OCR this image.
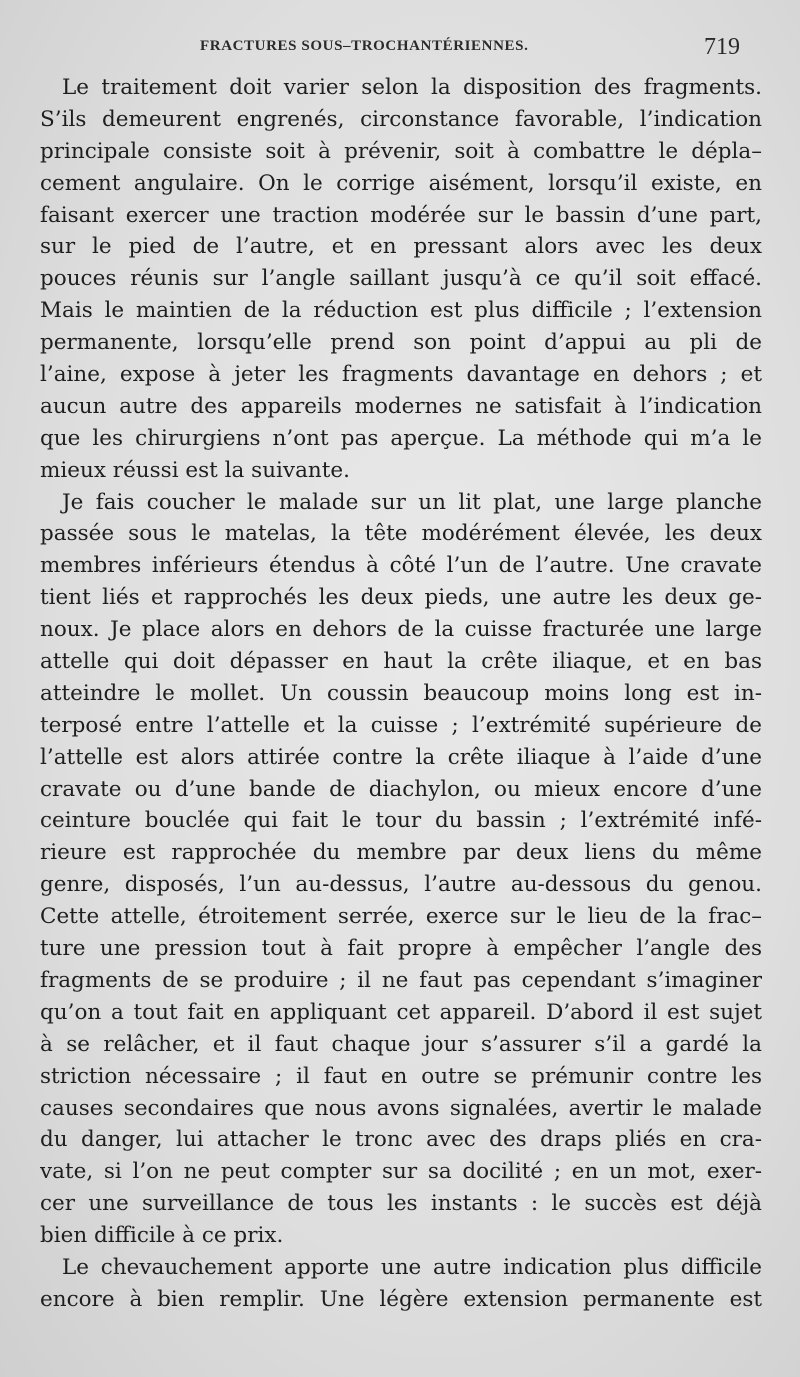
FRACTURES SOUS–TROCHANTÉRIENNES.	719
Le traitement doit varier selon la disposition des fragments.
S’ils demeurent engrenés, circonstance favorable, l’indication
principale consiste soit à prévenir, soit à combattre le dépla–
cement angulaire. On le corrige aisément, lorsqu’il existe, en
faisant exercer une traction modérée sur le bassin d’une part,
sur le pied de l’autre, et en pressant alors avec les deux
pouces réunis sur l’angle saillant jusqu’à ce qu’il soit effacé.
Mais le maintien de la réduction est plus difficile ; l’extension
permanente, lorsqu’elle prend son point d’appui au pli de
l’aine, expose à jeter les fragments davantage en dehors ; et
aucun autre des appareils modernes ne satisfait à l’indication
que les chirurgiens n’ont pas aperçue. La méthode qui m’a le
mieux réussi est la suivante.
Je fais coucher le malade sur un lit plat, une large planche
passée sous le matelas, la tête modérément élevée, les deux
membres inférieurs étendus à côté l’un de l’autre. Une cravate
tient liés et rapprochés les deux pieds, une autre les deux ge-
noux. Je place alors en dehors de la cuisse fracturée une large
attelle qui doit dépasser en haut la crête iliaque, et en bas
atteindre le mollet. Un coussin beaucoup moins long est in-
terposé entre l’attelle et la cuisse ; l’extrémité supérieure de
l’attelle est alors attirée contre la crête iliaque à l’aide d’une
cravate ou d’une bande de diachylon, ou mieux encore d’une
ceinture bouclée qui fait le tour du bassin ; l’extrémité infé-
rieure est rapprochée du membre par deux liens du même
genre, disposés, l’un au-dessus, l’autre au-dessous du genou.
Cette attelle, étroitement serrée, exerce sur le lieu de la frac–
ture une pression tout à fait propre à empêcher l’angle des
fragments de se produire ; il ne faut pas cependant s’imaginer
qu’on a tout fait en appliquant cet appareil. D’abord il est sujet
à se relâcher, et il faut chaque jour s’assurer s’il a gardé la
striction nécessaire ; il faut en outre se prémunir contre les
causes secondaires que nous avons signalées, avertir le malade
du danger, lui attacher le tronc avec des draps pliés en cra-
vate, si l’on ne peut compter sur sa docilité ; en un mot, exer-
cer une surveillance de tous les instants : le succès est déjà
bien difficile à ce prix.
Le chevauchement apporte une autre indication plus difficile
encore à bien remplir. Une légère extension permanente est
